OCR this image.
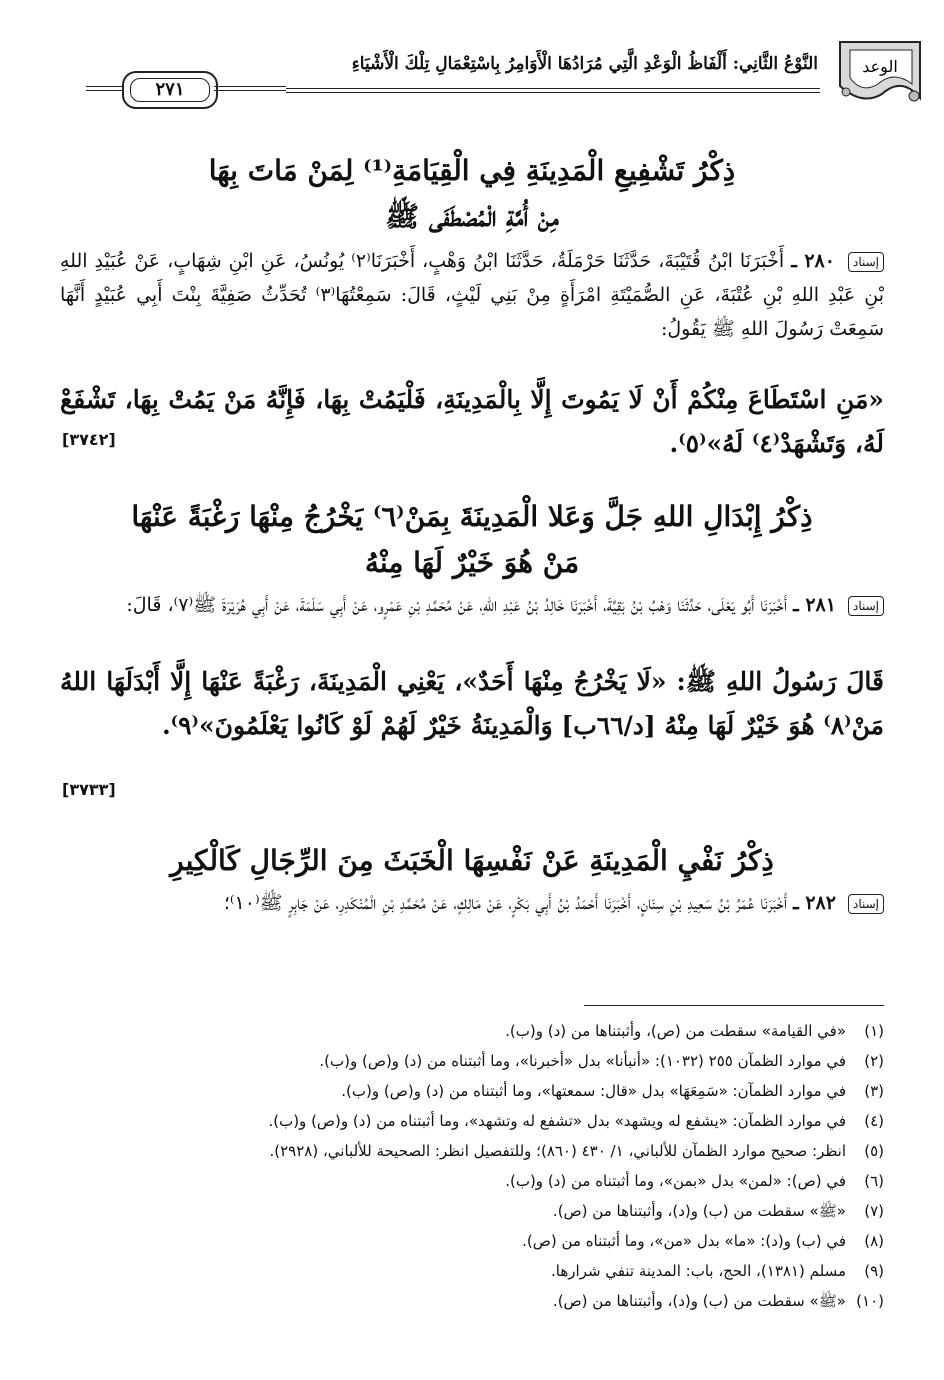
الوعد
النَّوْعُ الثَّانِي: أَلْفَاظُ الْوَعْدِ الَّتِي مُرَادُهَا الْأَوَامِرُ بِاسْتِعْمَالِ تِلْكَ الْأَشْيَاءِ
٢٧١
ذِكْرُ تَشْفِيعِ الْمَدِينَةِ فِي الْقِيَامَةِ⁽¹⁾ لِمَنْ مَاتَ بِهَا
مِنْ أُمَّةِ الْمُصْطَفَى ﷺ
إسناد ٢٨٠ ـ أَخْبَرَنَا ابْنُ قُتَيْبَةَ، حَدَّثَنَا حَرْمَلَةُ، حَدَّثَنَا ابْنُ وَهْبٍ، أَخْبَرَنَا⁽٢⁾ يُونُسُ، عَنِ ابْنِ شِهَابٍ، عَنْ عُبَيْدِ اللهِ بْنِ عَبْدِ اللهِ بْنِ عُتْبَةَ، عَنِ الصُّمَيْتَةِ امْرَأَةٍ مِنْ بَنِي لَيْثٍ، قَالَ: سَمِعْتُهَا⁽٣⁾ تُحَدِّثُ صَفِيَّةَ بِنْتَ أَبِي عُبَيْدٍ أَنَّهَا سَمِعَتْ رَسُولَ اللهِ ﷺ يَقُولُ:
«مَنِ اسْتَطَاعَ مِنْكُمْ أَنْ لَا يَمُوتَ إِلَّا بِالْمَدِينَةِ، فَلْيَمُتْ بِهَا، فَإِنَّهُ مَنْ يَمُتْ بِهَا، تَشْفَعْ لَهُ، وَتَشْهَدْ⁽٤⁾ لَهُ»⁽٥⁾.
[٣٧٤٢]
ذِكْرُ إِبْدَالِ اللهِ جَلَّ وَعَلا الْمَدِينَةَ بِمَنْ⁽٦⁾ يَخْرُجُ مِنْهَا رَغْبَةً عَنْهَا
مَنْ هُوَ خَيْرٌ لَهَا مِنْهُ
إسناد ٢٨١ ـ أَخْبَرَنَا أَبُو يَعْلَى، حَدَّثَنَا وَهْبُ بْنُ بَقِيَّةَ، أَخْبَرَنَا خَالِدُ بْنُ عَبْدِ اللهِ، عَنْ مُحَمَّدِ بْنِ عَمْرٍو، عَنْ أَبِي سَلَمَةَ، عَنْ أَبِي هُرَيْرَةَ ﷺ⁽٧⁾، قَالَ:
قَالَ رَسُولُ اللهِ ﷺ: «لَا يَخْرُجُ مِنْهَا أَحَدٌ»، يَعْنِي الْمَدِينَةَ، رَغْبَةً عَنْهَا إِلَّا أَبْدَلَهَا اللهُ مَنْ⁽٨⁾ هُوَ خَيْرٌ لَهَا مِنْهُ [د/٦٦ب] وَالْمَدِينَةُ خَيْرٌ لَهُمْ لَوْ كَانُوا يَعْلَمُونَ»⁽٩⁾.
[٣٧٣٣]
ذِكْرُ نَفْيِ الْمَدِينَةِ عَنْ نَفْسِهَا الْخَبَثَ مِنَ الرِّجَالِ كَالْكِيرِ
إسناد ٢٨٢ ـ أَخْبَرَنَا عُمَرُ بْنُ سَعِيدِ بْنِ سِنَانٍ، أَخْبَرَنَا أَحْمَدُ بْنُ أَبِي بَكْرٍ، عَنْ مَالِكٍ، عَنْ مُحَمَّدِ بْنِ الْمُنْكَدِرِ، عَنْ جَابِرٍ ﷺ⁽١٠⁾؛
(١)«في القيامة» سقطت من (ص)، وأثبتناها من (د) و(ب).
(٢)في موارد الظمآن ٢٥٥ (١٠٣٢): «أنبأنا» بدل «أخبرنا»، وما أثبتناه من (د) و(ص) و(ب).
(٣)في موارد الظمآن: «سَمِعَهَا» بدل «قال: سمعتها»، وما أثبتناه من (د) و(ص) و(ب).
(٤)في موارد الظمآن: «يشفع له ويشهد» بدل «تشفع له وتشهد»، وما أثبتناه من (د) و(ص) و(ب).
(٥)انظر: صحيح موارد الظمآن للألباني، ١/ ٤٣٠ (٨٦٠)؛ وللتفصيل انظر: الصحيحة للألباني، (٢٩٢٨).
(٦)في (ص): «لمن» بدل «بمن»، وما أثبتناه من (د) و(ب).
(٧)«ﷺ» سقطت من (ب) و(د)، وأثبتناها من (ص).
(٨)في (ب) و(د): «ما» بدل «من»، وما أثبتناه من (ص).
(٩)مسلم (١٣٨١)، الحج، باب: المدينة تنفي شرارها.
(١٠)«ﷺ» سقطت من (ب) و(د)، وأثبتناها من (ص).
